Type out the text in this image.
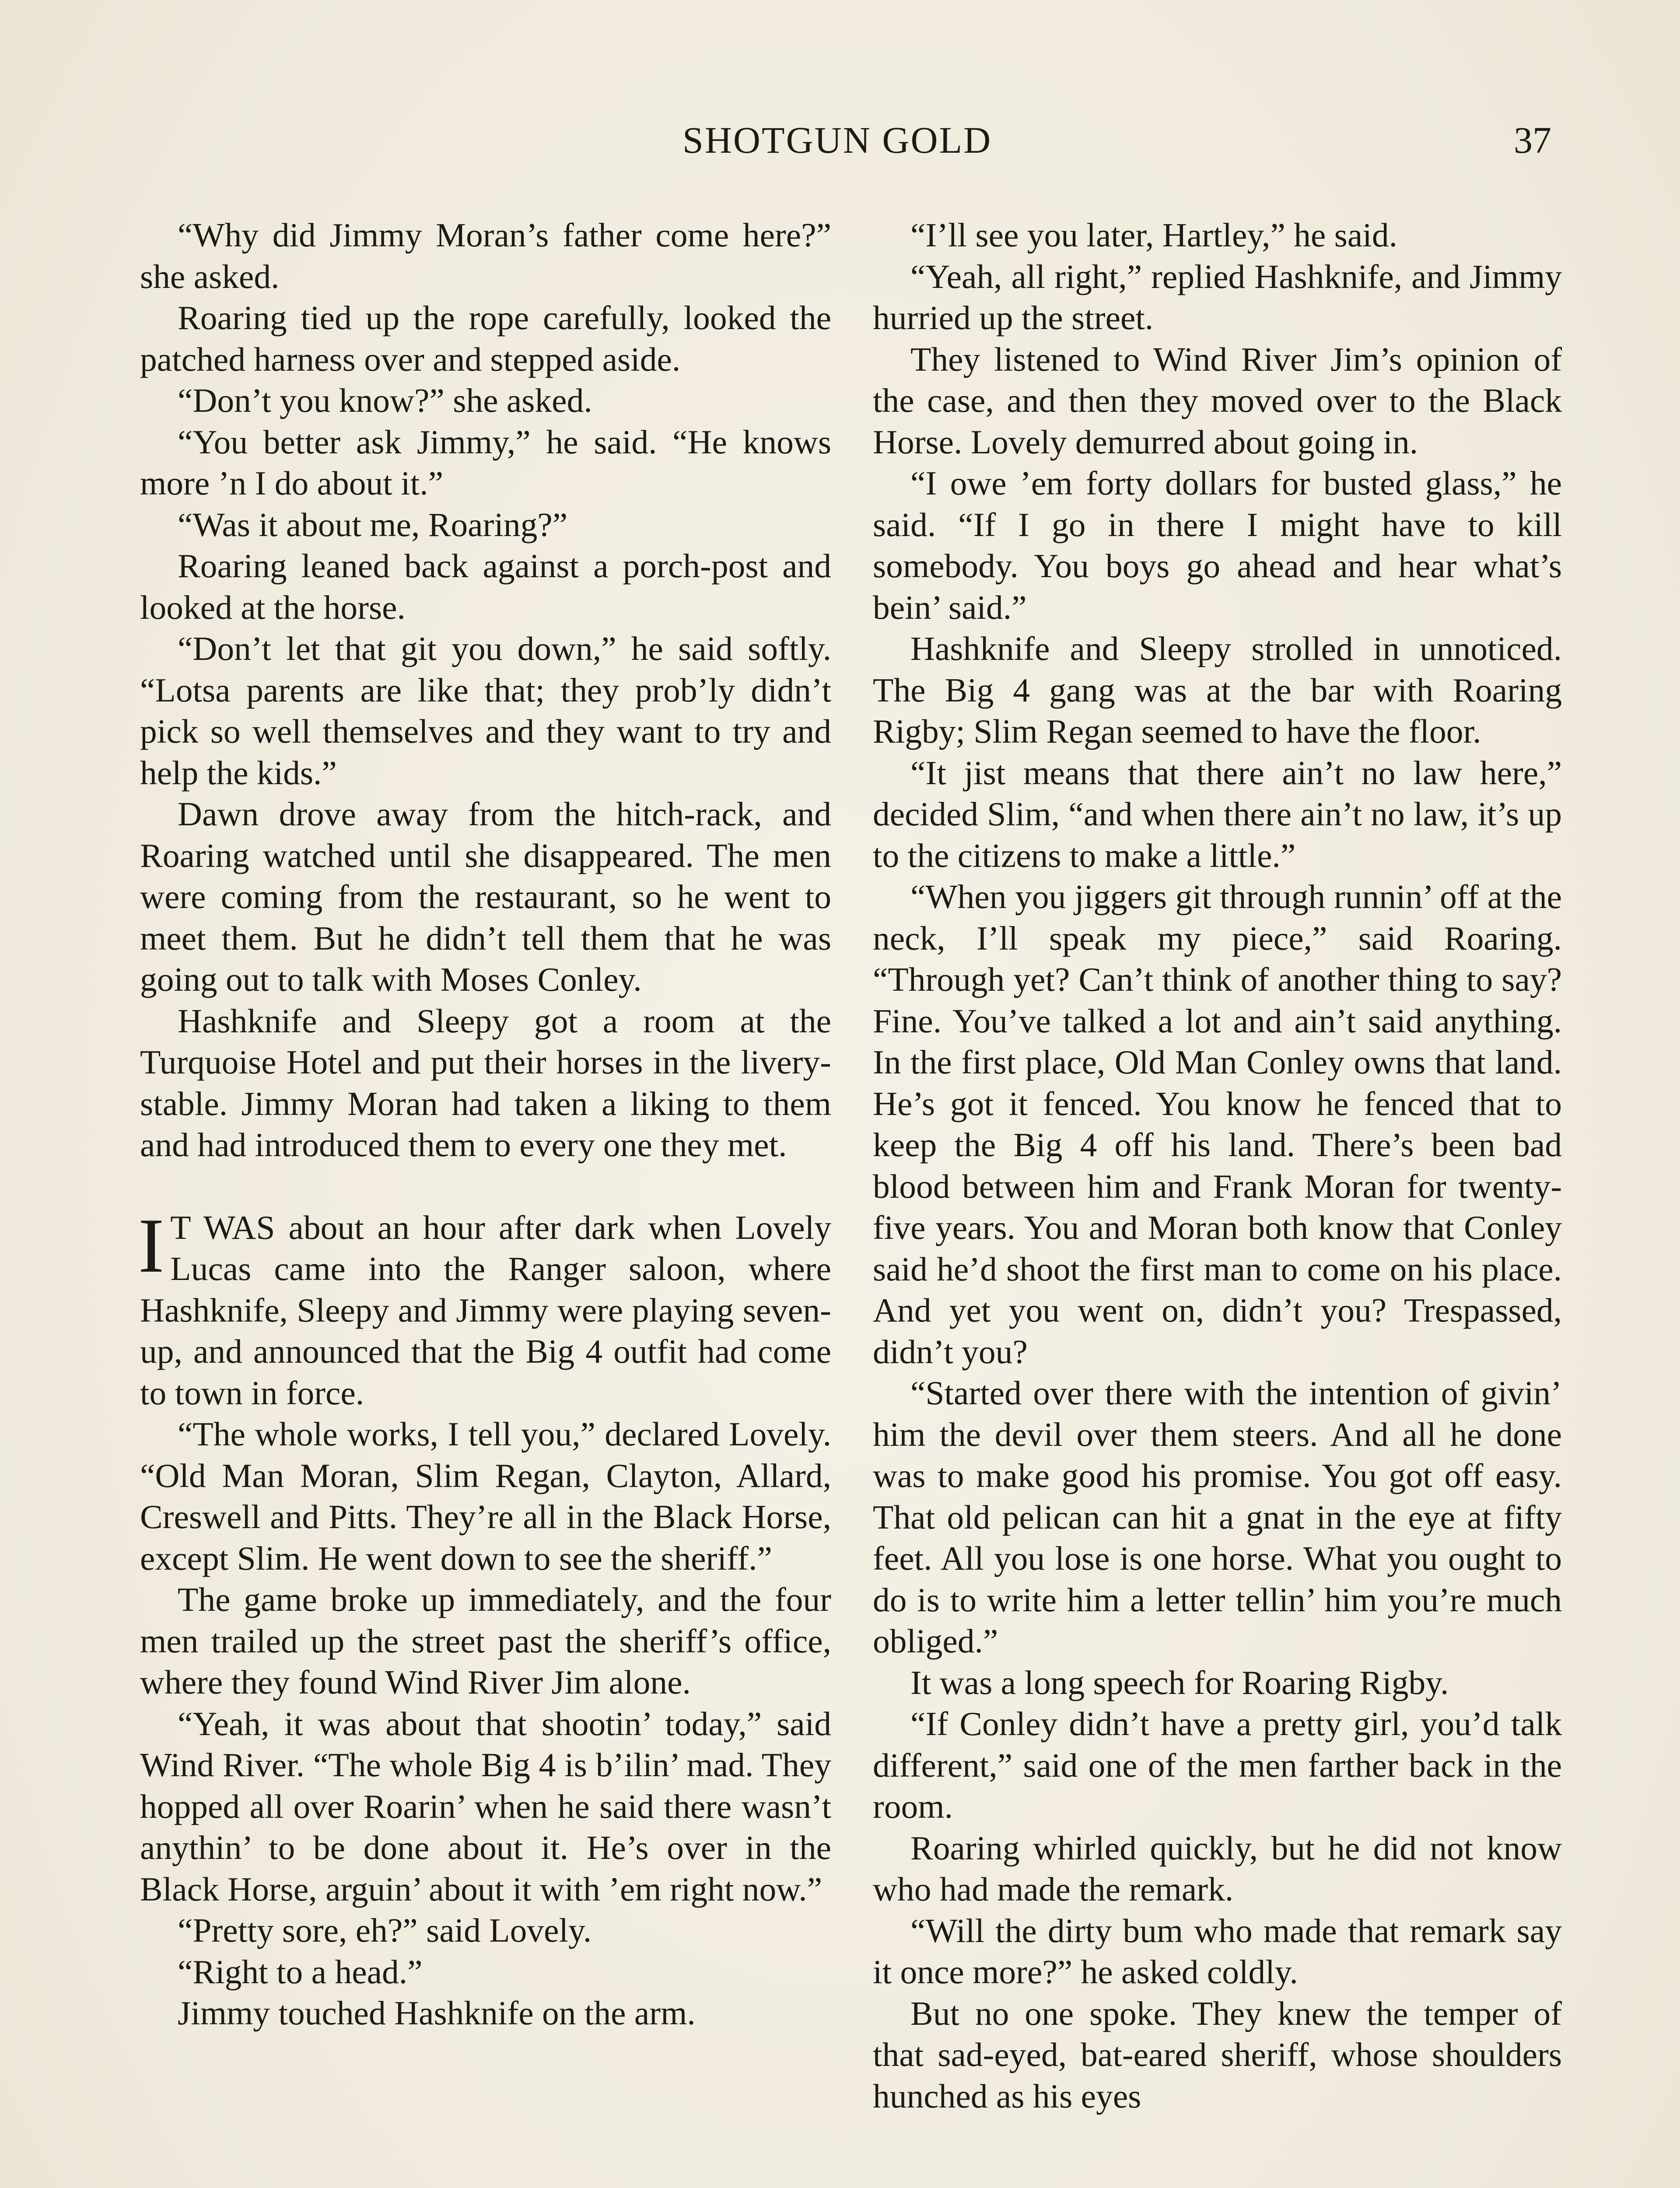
SHOTGUN GOLD	37

“Why did Jimmy Moran’s father come here?” she asked.

Roaring tied up the rope carefully, looked the patched harness over and stepped aside.

“Don’t you know?” she asked.

“You better ask Jimmy,” he said. “He knows more ’n I do about it.”

“Was it about me, Roaring?”

Roaring leaned back against a porch-post and looked at the horse.

“Don’t let that git you down,” he said softly. “Lotsa parents are like that; they prob’ly didn’t pick so well themselves and they want to try and help the kids.”

Dawn drove away from the hitch-rack, and Roaring watched until she disappeared. The men were coming from the restaurant, so he went to meet them. But he didn’t tell them that he was going out to talk with Moses Conley.

Hashknife and Sleepy got a room at the Turquoise Hotel and put their horses in the livery-stable. Jimmy Moran had taken a liking to them and had introduced them to every one they met.

I T WAS about an hour after dark when Lovely Lucas came into the Ranger saloon, where Hashknife, Sleepy and Jimmy were playing seven-up, and announced that the Big 4 outfit had come to town in force.

“The whole works, I tell you,” declared Lovely. “Old Man Moran, Slim Regan, Clayton, Allard, Creswell and Pitts. They’re all in the Black Horse, except Slim. He went down to see the sheriff.”

The game broke up immediately, and the four men trailed up the street past the sheriff’s office, where they found Wind River Jim alone.

“Yeah, it was about that shootin’ today,” said Wind River. “The whole Big 4 is b’ilin’ mad. They hopped all over Roarin’ when he said there wasn’t anythin’ to be done about it. He’s over in the Black Horse, arguin’ about it with ’em right now.”

“Pretty sore, eh?” said Lovely.

“Right to a head.”

Jimmy touched Hashknife on the arm.

“I’ll see you later, Hartley,” he said.

“Yeah, all right,” replied Hashknife, and Jimmy hurried up the street.

They listened to Wind River Jim’s opinion of the case, and then they moved over to the Black Horse. Lovely demurred about going in.

“I owe ’em forty dollars for busted glass,” he said. “If I go in there I might have to kill somebody. You boys go ahead and hear what’s bein’ said.”

Hashknife and Sleepy strolled in unnoticed. The Big 4 gang was at the bar with Roaring Rigby; Slim Regan seemed to have the floor.

“It jist means that there ain’t no law here,” decided Slim, “and when there ain’t no law, it’s up to the citizens to make a little.”

“When you jiggers git through runnin’ off at the neck, I’ll speak my piece,” said Roaring. “Through yet? Can’t think of another thing to say? Fine. You’ve talked a lot and ain’t said anything. In the first place, Old Man Conley owns that land. He’s got it fenced. You know he fenced that to keep the Big 4 off his land. There’s been bad blood between him and Frank Moran for twenty-five years. You and Moran both know that Conley said he’d shoot the first man to come on his place. And yet you went on, didn’t you? Trespassed, didn’t you?

“Started over there with the intention of givin’ him the devil over them steers. And all he done was to make good his promise. You got off easy. That old pelican can hit a gnat in the eye at fifty feet. All you lose is one horse. What you ought to do is to write him a letter tellin’ him you’re much obliged.”

It was a long speech for Roaring Rigby.

“If Conley didn’t have a pretty girl, you’d talk different,” said one of the men farther back in the room.

Roaring whirled quickly, but he did not know who had made the remark.

“Will the dirty bum who made that remark say it once more?” he asked coldly.

But no one spoke. They knew the temper of that sad-eyed, bat-eared sheriff, whose shoulders hunched as his eyes
